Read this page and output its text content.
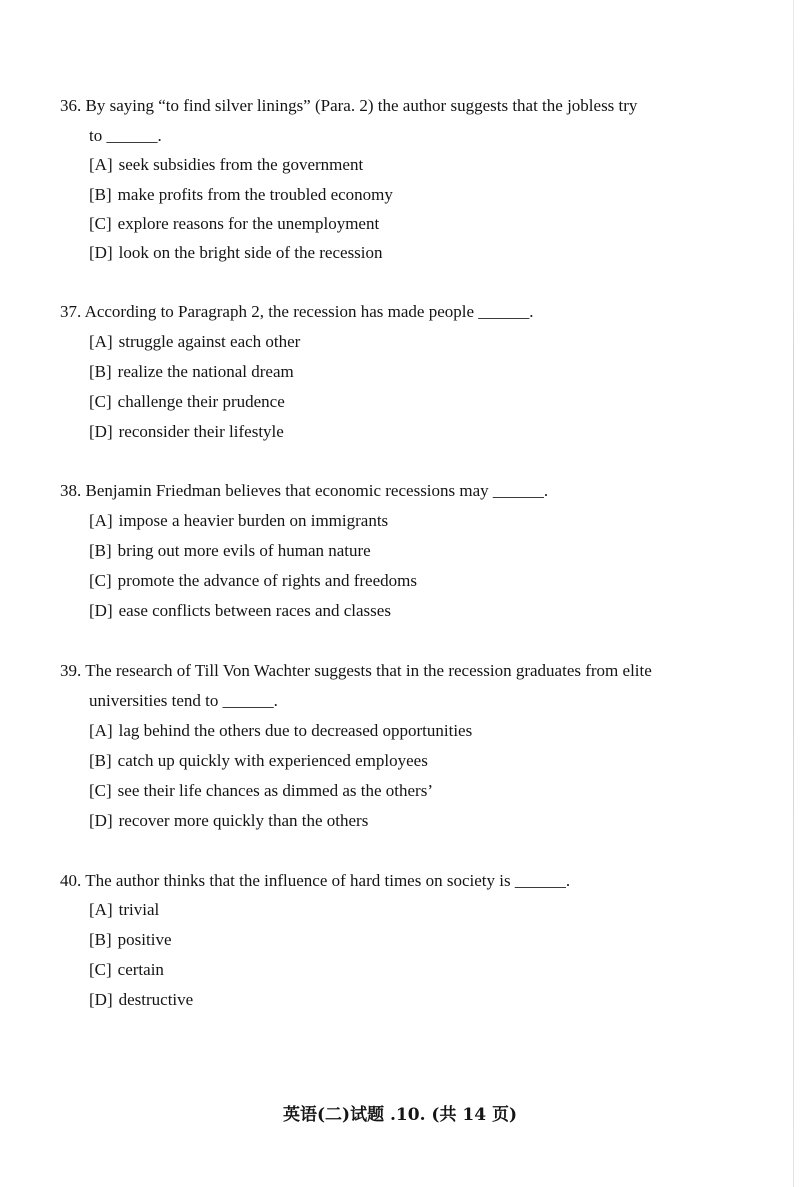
36. By saying “to find silver linings” (Para. 2) the author suggests that the jobless try
to ______.
[A] seek subsidies from the government
[B] make profits from the troubled economy
[C] explore reasons for the unemployment
[D] look on the bright side of the recession
37. According to Paragraph 2, the recession has made people ______.
[A] struggle against each other
[B] realize the national dream
[C] challenge their prudence
[D] reconsider their lifestyle
38. Benjamin Friedman believes that economic recessions may ______.
[A] impose a heavier burden on immigrants
[B] bring out more evils of human nature
[C] promote the advance of rights and freedoms
[D] ease conflicts between races and classes
39. The research of Till Von Wachter suggests that in the recession graduates from elite
universities tend to ______.
[A] lag behind the others due to decreased opportunities
[B] catch up quickly with experienced employees
[C] see their life chances as dimmed as the others’
[D] recover more quickly than the others
40. The author thinks that the influence of hard times on society is ______.
[A] trivial
[B] positive
[C] certain
[D] destructive
英语(二)试题 .10. (共 14 页)
